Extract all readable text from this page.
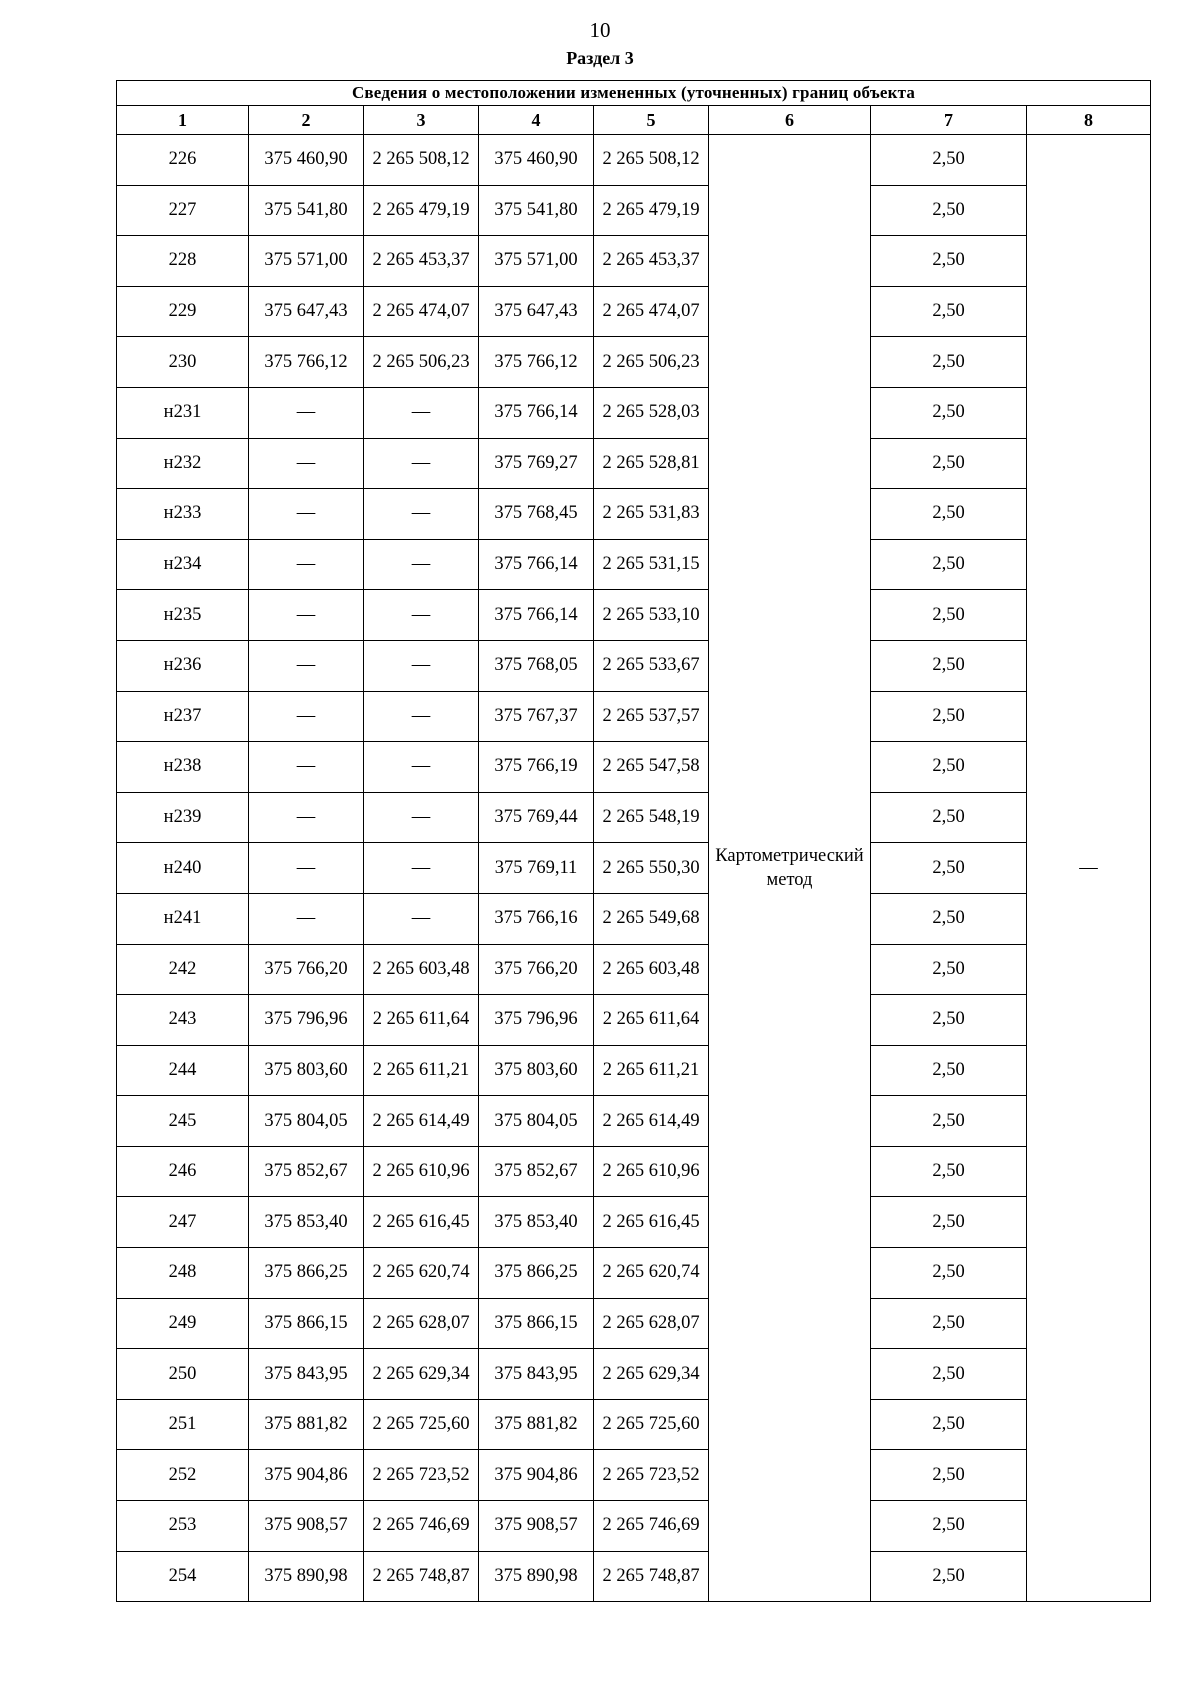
10
Раздел 3
Сведения о местоположении измененных (уточненных) границ объекта							
1	2	3	4	5	6	7	8
226	375 460,90	2 265 508,12	375 460,90	2 265 508,12	Картометрический метод	2,50	—
227	375 541,80	2 265 479,19	375 541,80	2 265 479,19		2,50	
228	375 571,00	2 265 453,37	375 571,00	2 265 453,37		2,50	
229	375 647,43	2 265 474,07	375 647,43	2 265 474,07		2,50	
230	375 766,12	2 265 506,23	375 766,12	2 265 506,23		2,50	
н231	—	—	375 766,14	2 265 528,03		2,50	
н232	—	—	375 769,27	2 265 528,81		2,50	
н233	—	—	375 768,45	2 265 531,83		2,50	
н234	—	—	375 766,14	2 265 531,15		2,50	
н235	—	—	375 766,14	2 265 533,10		2,50	
н236	—	—	375 768,05	2 265 533,67		2,50	
н237	—	—	375 767,37	2 265 537,57		2,50	
н238	—	—	375 766,19	2 265 547,58		2,50	
н239	—	—	375 769,44	2 265 548,19		2,50	
н240	—	—	375 769,11	2 265 550,30		2,50	
н241	—	—	375 766,16	2 265 549,68		2,50	
242	375 766,20	2 265 603,48	375 766,20	2 265 603,48		2,50	
243	375 796,96	2 265 611,64	375 796,96	2 265 611,64		2,50	
244	375 803,60	2 265 611,21	375 803,60	2 265 611,21		2,50	
245	375 804,05	2 265 614,49	375 804,05	2 265 614,49		2,50	
246	375 852,67	2 265 610,96	375 852,67	2 265 610,96		2,50	
247	375 853,40	2 265 616,45	375 853,40	2 265 616,45		2,50	
248	375 866,25	2 265 620,74	375 866,25	2 265 620,74		2,50	
249	375 866,15	2 265 628,07	375 866,15	2 265 628,07		2,50	
250	375 843,95	2 265 629,34	375 843,95	2 265 629,34		2,50	
251	375 881,82	2 265 725,60	375 881,82	2 265 725,60		2,50	
252	375 904,86	2 265 723,52	375 904,86	2 265 723,52		2,50	
253	375 908,57	2 265 746,69	375 908,57	2 265 746,69		2,50	
254	375 890,98	2 265 748,87	375 890,98	2 265 748,87		2,50	
